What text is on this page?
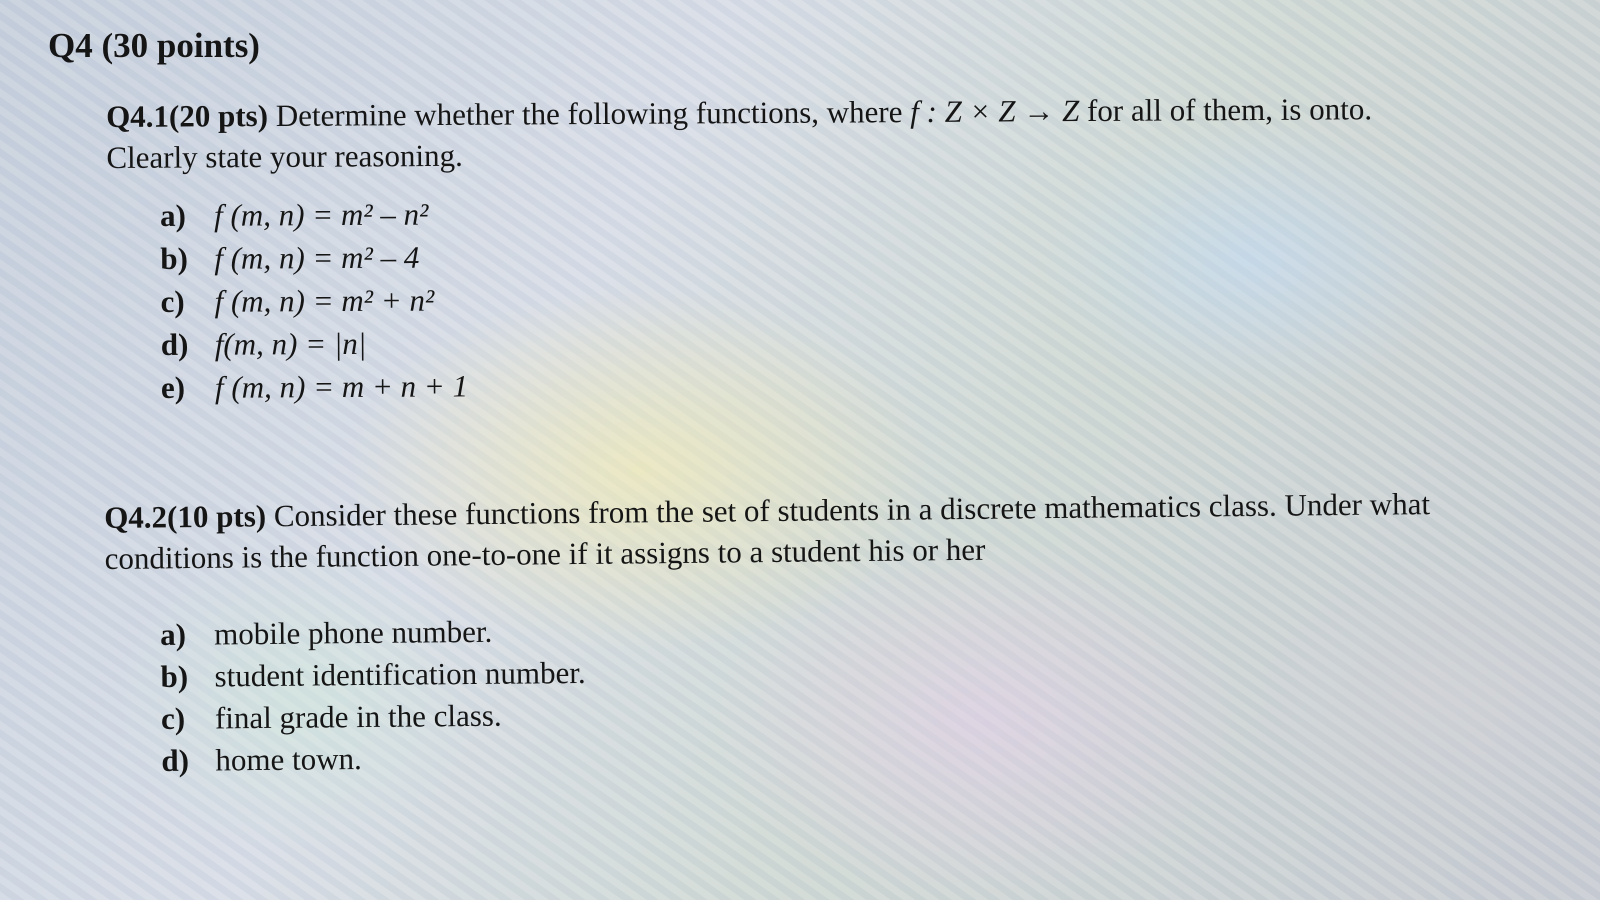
Q4 (30 points)

Q4.1(20 pts) Determine whether the following functions, where f : Z × Z → Z for all of them, is onto. Clearly state your reasoning.

a) f (m, n) = m² – n²
b) f (m, n) = m² – 4
c) f (m, n) = m² + n²
d) f(m, n) = |n|
e) f (m, n) = m + n + 1

Q4.2(10 pts) Consider these functions from the set of students in a discrete mathematics class. Under what conditions is the function one-to-one if it assigns to a student his or her

a) mobile phone number.
b) student identification number.
c) final grade in the class.
d) home town.
